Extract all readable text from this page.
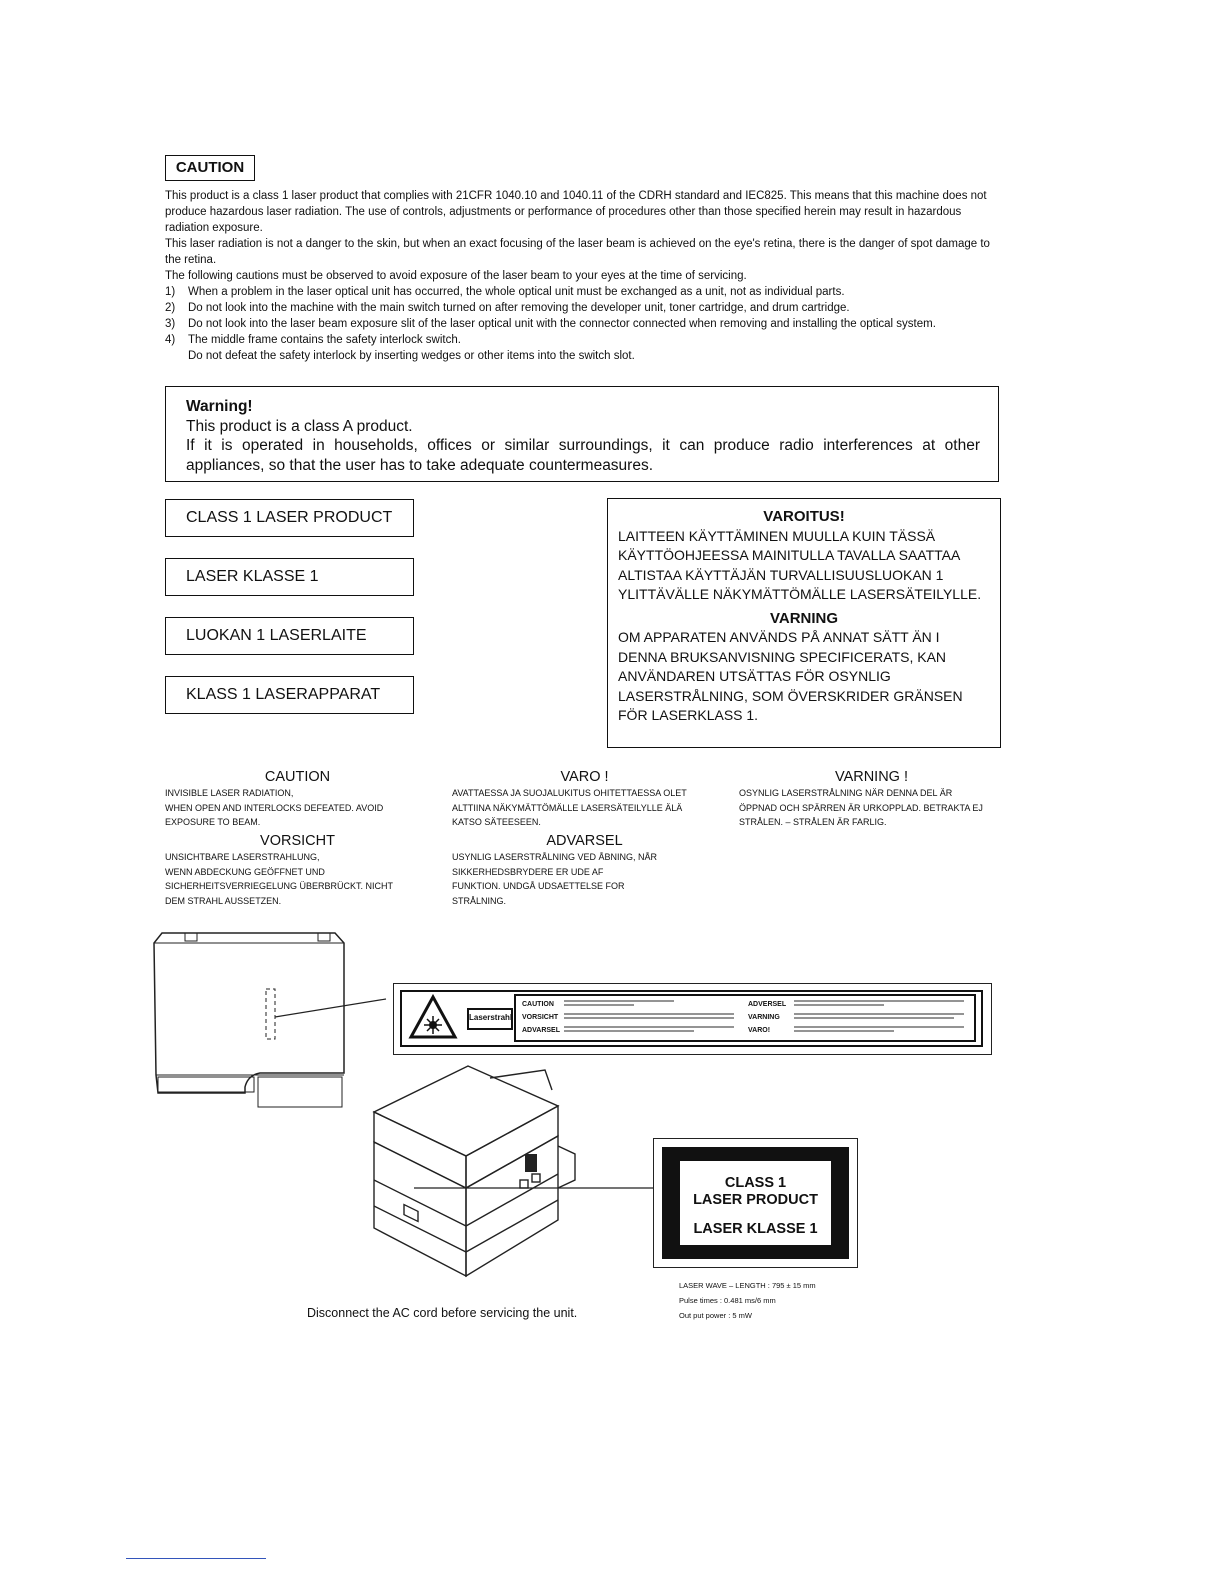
CAUTION

This product is a class 1 laser product that complies with 21CFR 1040.10 and 1040.11 of the CDRH standard and IEC825. This means that this machine does not produce hazardous laser radiation. The use of controls, adjustments or performance of procedures other than those specified herein may result in hazardous radiation exposure.

This laser radiation is not a danger to the skin, but when an exact focusing of the laser beam is achieved on the eye's retina, there is the danger of spot damage to the retina.

The following cautions must be observed to avoid exposure of the laser beam to your eyes at the time of servicing.

1)	When a problem in the laser optical unit has occurred, the whole optical unit must be exchanged as a unit, not as individual parts.
2)	Do not look into the machine with the main switch turned on after removing the developer unit, toner cartridge, and drum cartridge.
3)	Do not look into the laser beam exposure slit of the laser optical unit with the connector connected when removing and installing the optical system.
4)	The middle frame contains the safety interlock switch.
Do not defeat the safety interlock by inserting wedges or other items into the switch slot.
Warning!
This product is a class A product.
If it is operated in households, offices or similar surroundings, it can produce radio interferences at other appliances, so that the user has to take adequate countermeasures.
CLASS 1 LASER PRODUCT
LASER KLASSE 1
LUOKAN 1 LASERLAITE
KLASS 1 LASERAPPARAT
VAROITUS!
LAITTEEN KÄYTTÄMINEN MUULLA KUIN TÄSSÄ KÄYTTÖOHJEESSA MAINITULLA TAVALLA SAATTAA ALTISTAA KÄYTTÄJÄN TURVALLISUUSLUOKAN 1 YLITTÄVÄLLE NÄKYMÄTTÖMÄLLE LASERSÄTEILYLLE.
VARNING
OM APPARATEN ANVÄNDS PÅ ANNAT SÄTT ÄN I DENNA BRUKSANVISNING SPECIFICERATS, KAN ANVÄNDAREN UTSÄTTAS FÖR OSYNLIG LASERSTRÅLNING, SOM ÖVERSKRIDER GRÄNSEN FÖR LASERKLASS 1.
CAUTION
INVISIBLE LASER RADIATION,
WHEN OPEN AND INTERLOCKS DEFEATED. AVOID
EXPOSURE TO BEAM.
VORSICHT
UNSICHTBARE LASERSTRAHLUNG,
WENN ABDECKUNG GEÖFFNET UND
SICHERHEITSVERRIEGELUNG ÜBERBRÜCKT. NICHT
DEM STRAHL AUSSETZEN.
VARO !
AVATTAESSA JA SUOJALUKITUS OHITETTAESSA OLET
ALTTIINA NÄKYMÄTTÖMÄLLE LASERSÄTEILYLLE ÄLÄ
KATSO SÄTEESEEN.
ADVARSEL
USYNLIG LASERSTRÅLNING VED ÅBNING, NÅR
SIKKERHEDSBRYDERE ER UDE AF
FUNKTION. UNDGÅ UDSAETTELSE FOR
STRÅLNING.
VARNING !
OSYNLIG LASERSTRÅLNING NÄR DENNA DEL ÄR
ÖPPNAD OCH SPÄRREN ÄR URKOPPLAD. BETRAKTA EJ
STRÅLEN. – STRÅLEN ÄR FARLIG.
Laserstrahl
CAUTION
VORSICHT
ADVARSEL
ADVERSEL
VARNING
VARO!
CLASS 1
LASER PRODUCT
LASER KLASSE 1
LASER WAVE – LENGTH : 795 ± 15 mm
Pulse times : 0.481 ms/6 mm
Out put power : 5 mW
Disconnect the AC cord before servicing the unit.
